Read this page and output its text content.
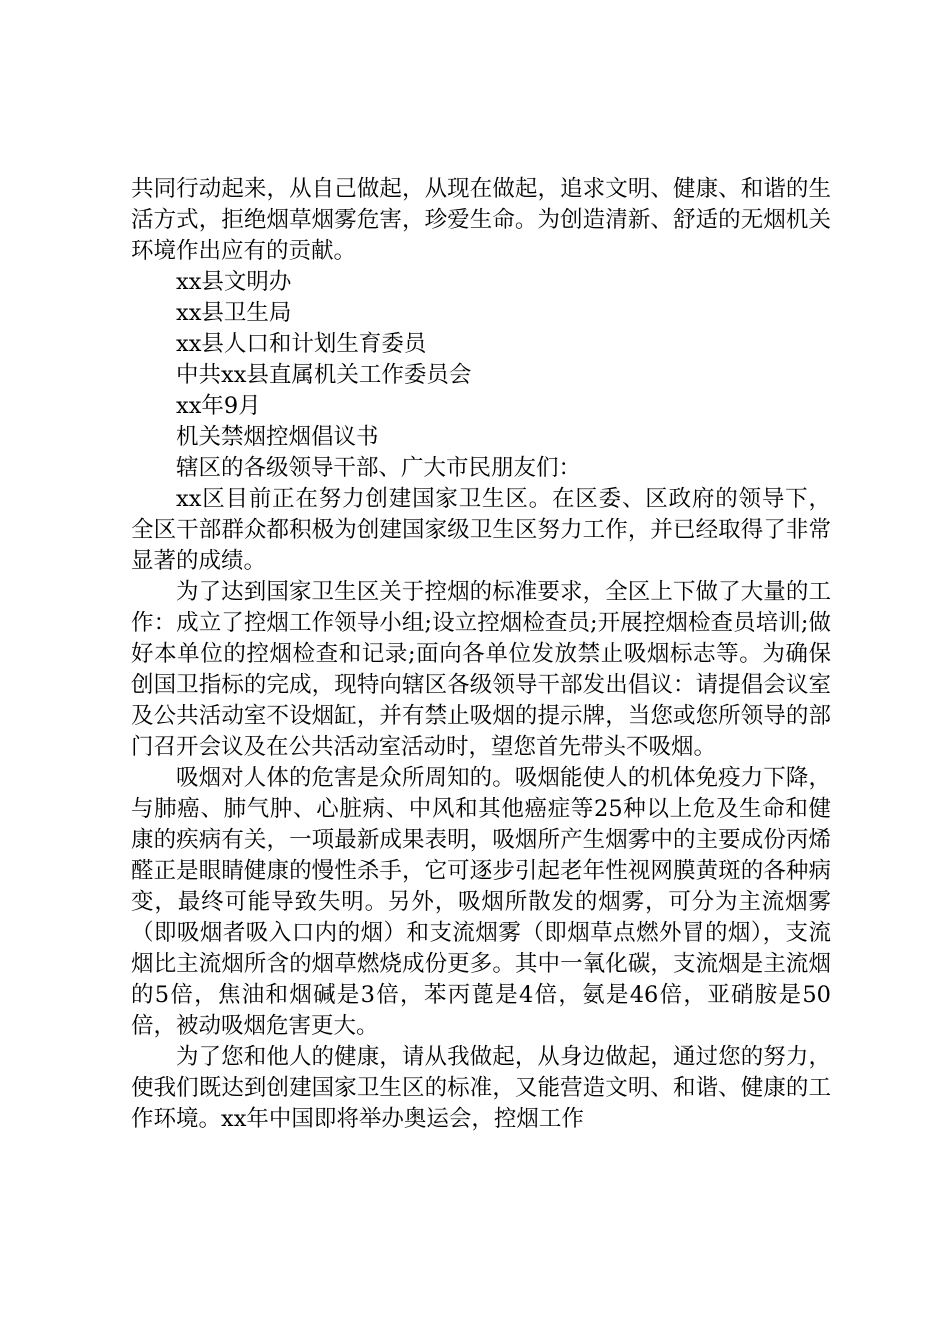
共同行动起来，从自己做起，从现在做起，追求文明、健康、和谐的生活方式，拒绝烟草烟雾危害，珍爱生命。为创造清新、舒适的无烟机关环境作出应有的贡献。

xx县文明办
xx县卫生局
xx县人口和计划生育委员
中共xx县直属机关工作委员会
xx年9月
机关禁烟控烟倡议书
辖区的各级领导干部、广大市民朋友们：

xx区目前正在努力创建国家卫生区。在区委、区政府的领导下，全区干部群众都积极为创建国家级卫生区努力工作，并已经取得了非常显著的成绩。

为了达到国家卫生区关于控烟的标准要求，全区上下做了大量的工作：成立了控烟工作领导小组;设立控烟检查员;开展控烟检查员培训;做好本单位的控烟检查和记录;面向各单位发放禁止吸烟标志等。为确保创国卫指标的完成，现特向辖区各级领导干部发出倡议：请提倡会议室及公共活动室不设烟缸，并有禁止吸烟的提示牌，当您或您所领导的部门召开会议及在公共活动室活动时，望您首先带头不吸烟。

吸烟对人体的危害是众所周知的。吸烟能使人的机体免疫力下降，与肺癌、肺气肿、心脏病、中风和其他癌症等25种以上危及生命和健康的疾病有关，一项最新成果表明，吸烟所产生烟雾中的主要成份丙烯醛正是眼睛健康的慢性杀手，它可逐步引起老年性视网膜黄斑的各种病变，最终可能导致失明。另外，吸烟所散发的烟雾，可分为主流烟雾（即吸烟者吸入口内的烟）和支流烟雾（即烟草点燃外冒的烟），支流烟比主流烟所含的烟草燃烧成份更多。其中一氧化碳，支流烟是主流烟的5倍，焦油和烟碱是3倍，苯丙蓖是4倍，氨是46倍，亚硝胺是50倍，被动吸烟危害更大。

为了您和他人的健康，请从我做起，从身边做起，通过您的努力，使我们既达到创建国家卫生区的标准，又能营造文明、和谐、健康的工作环境。xx年中国即将举办奥运会，控烟工作
